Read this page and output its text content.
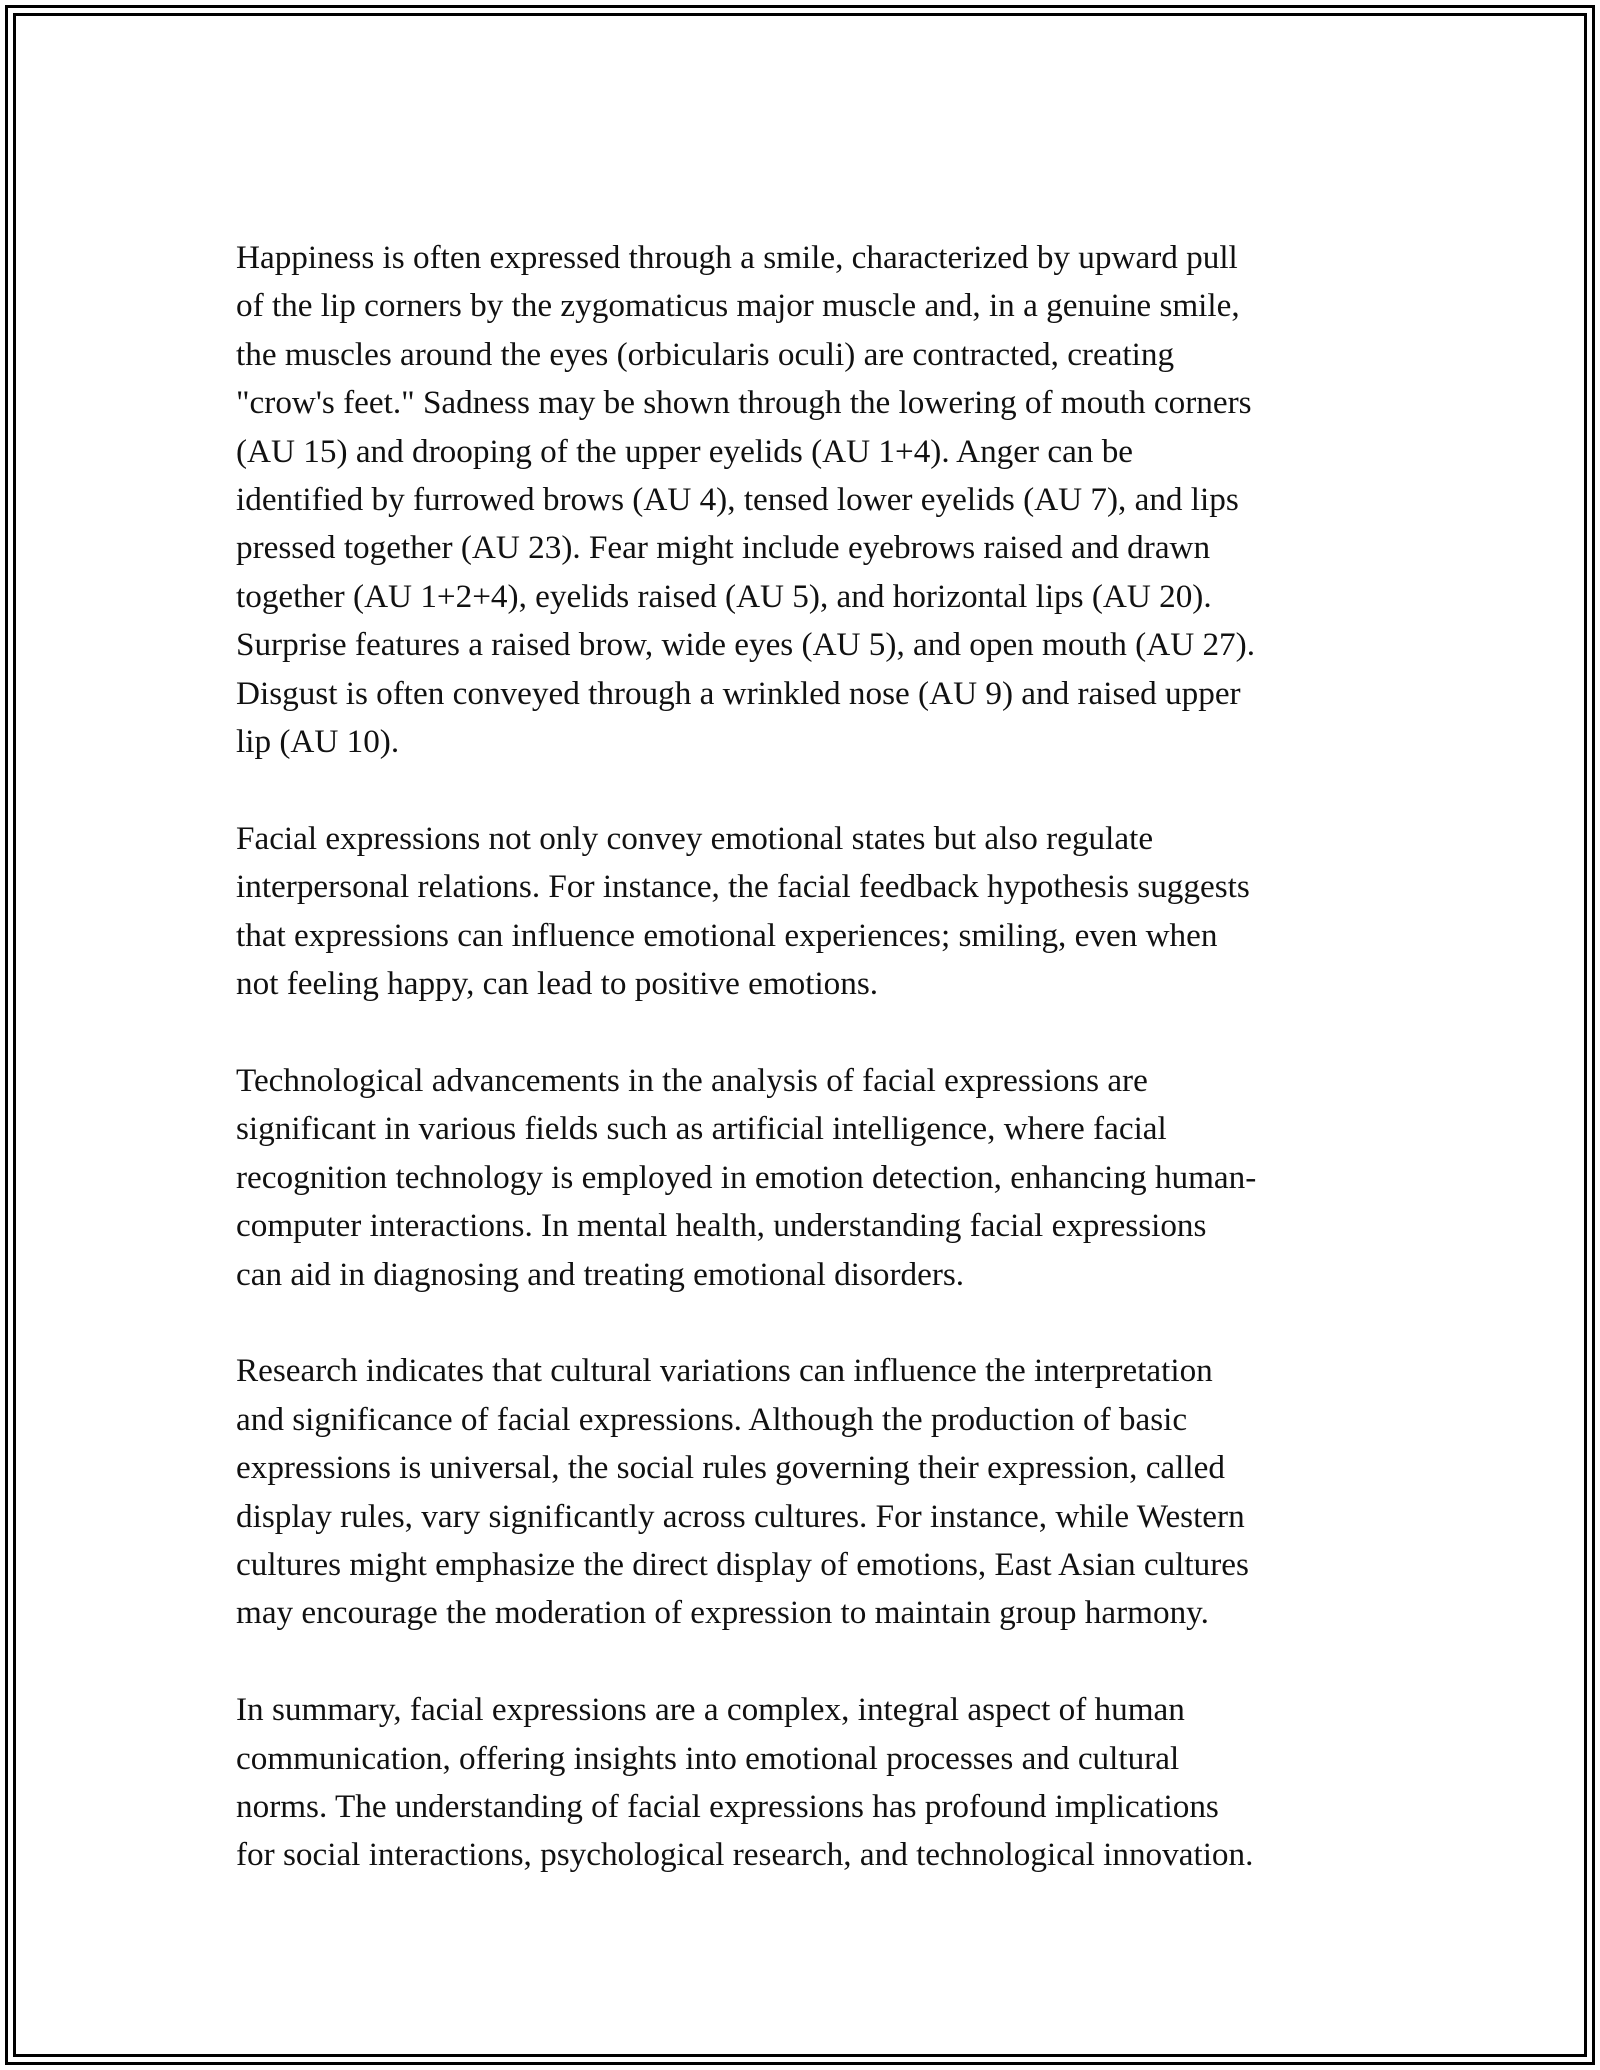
Happiness is often expressed through a smile, characterized by upward pull
of the lip corners by the zygomaticus major muscle and, in a genuine smile,
the muscles around the eyes (orbicularis oculi) are contracted, creating
"crow's feet." Sadness may be shown through the lowering of mouth corners
(AU 15) and drooping of the upper eyelids (AU 1+4). Anger can be
identified by furrowed brows (AU 4), tensed lower eyelids (AU 7), and lips
pressed together (AU 23). Fear might include eyebrows raised and drawn
together (AU 1+2+4), eyelids raised (AU 5), and horizontal lips (AU 20).
Surprise features a raised brow, wide eyes (AU 5), and open mouth (AU 27).
Disgust is often conveyed through a wrinkled nose (AU 9) and raised upper
lip (AU 10).

Facial expressions not only convey emotional states but also regulate
interpersonal relations. For instance, the facial feedback hypothesis suggests
that expressions can influence emotional experiences; smiling, even when
not feeling happy, can lead to positive emotions.

Technological advancements in the analysis of facial expressions are
significant in various fields such as artificial intelligence, where facial
recognition technology is employed in emotion detection, enhancing human-
computer interactions. In mental health, understanding facial expressions
can aid in diagnosing and treating emotional disorders.

Research indicates that cultural variations can influence the interpretation
and significance of facial expressions. Although the production of basic
expressions is universal, the social rules governing their expression, called
display rules, vary significantly across cultures. For instance, while Western
cultures might emphasize the direct display of emotions, East Asian cultures
may encourage the moderation of expression to maintain group harmony.

In summary, facial expressions are a complex, integral aspect of human
communication, offering insights into emotional processes and cultural
norms. The understanding of facial expressions has profound implications
for social interactions, psychological research, and technological innovation.
